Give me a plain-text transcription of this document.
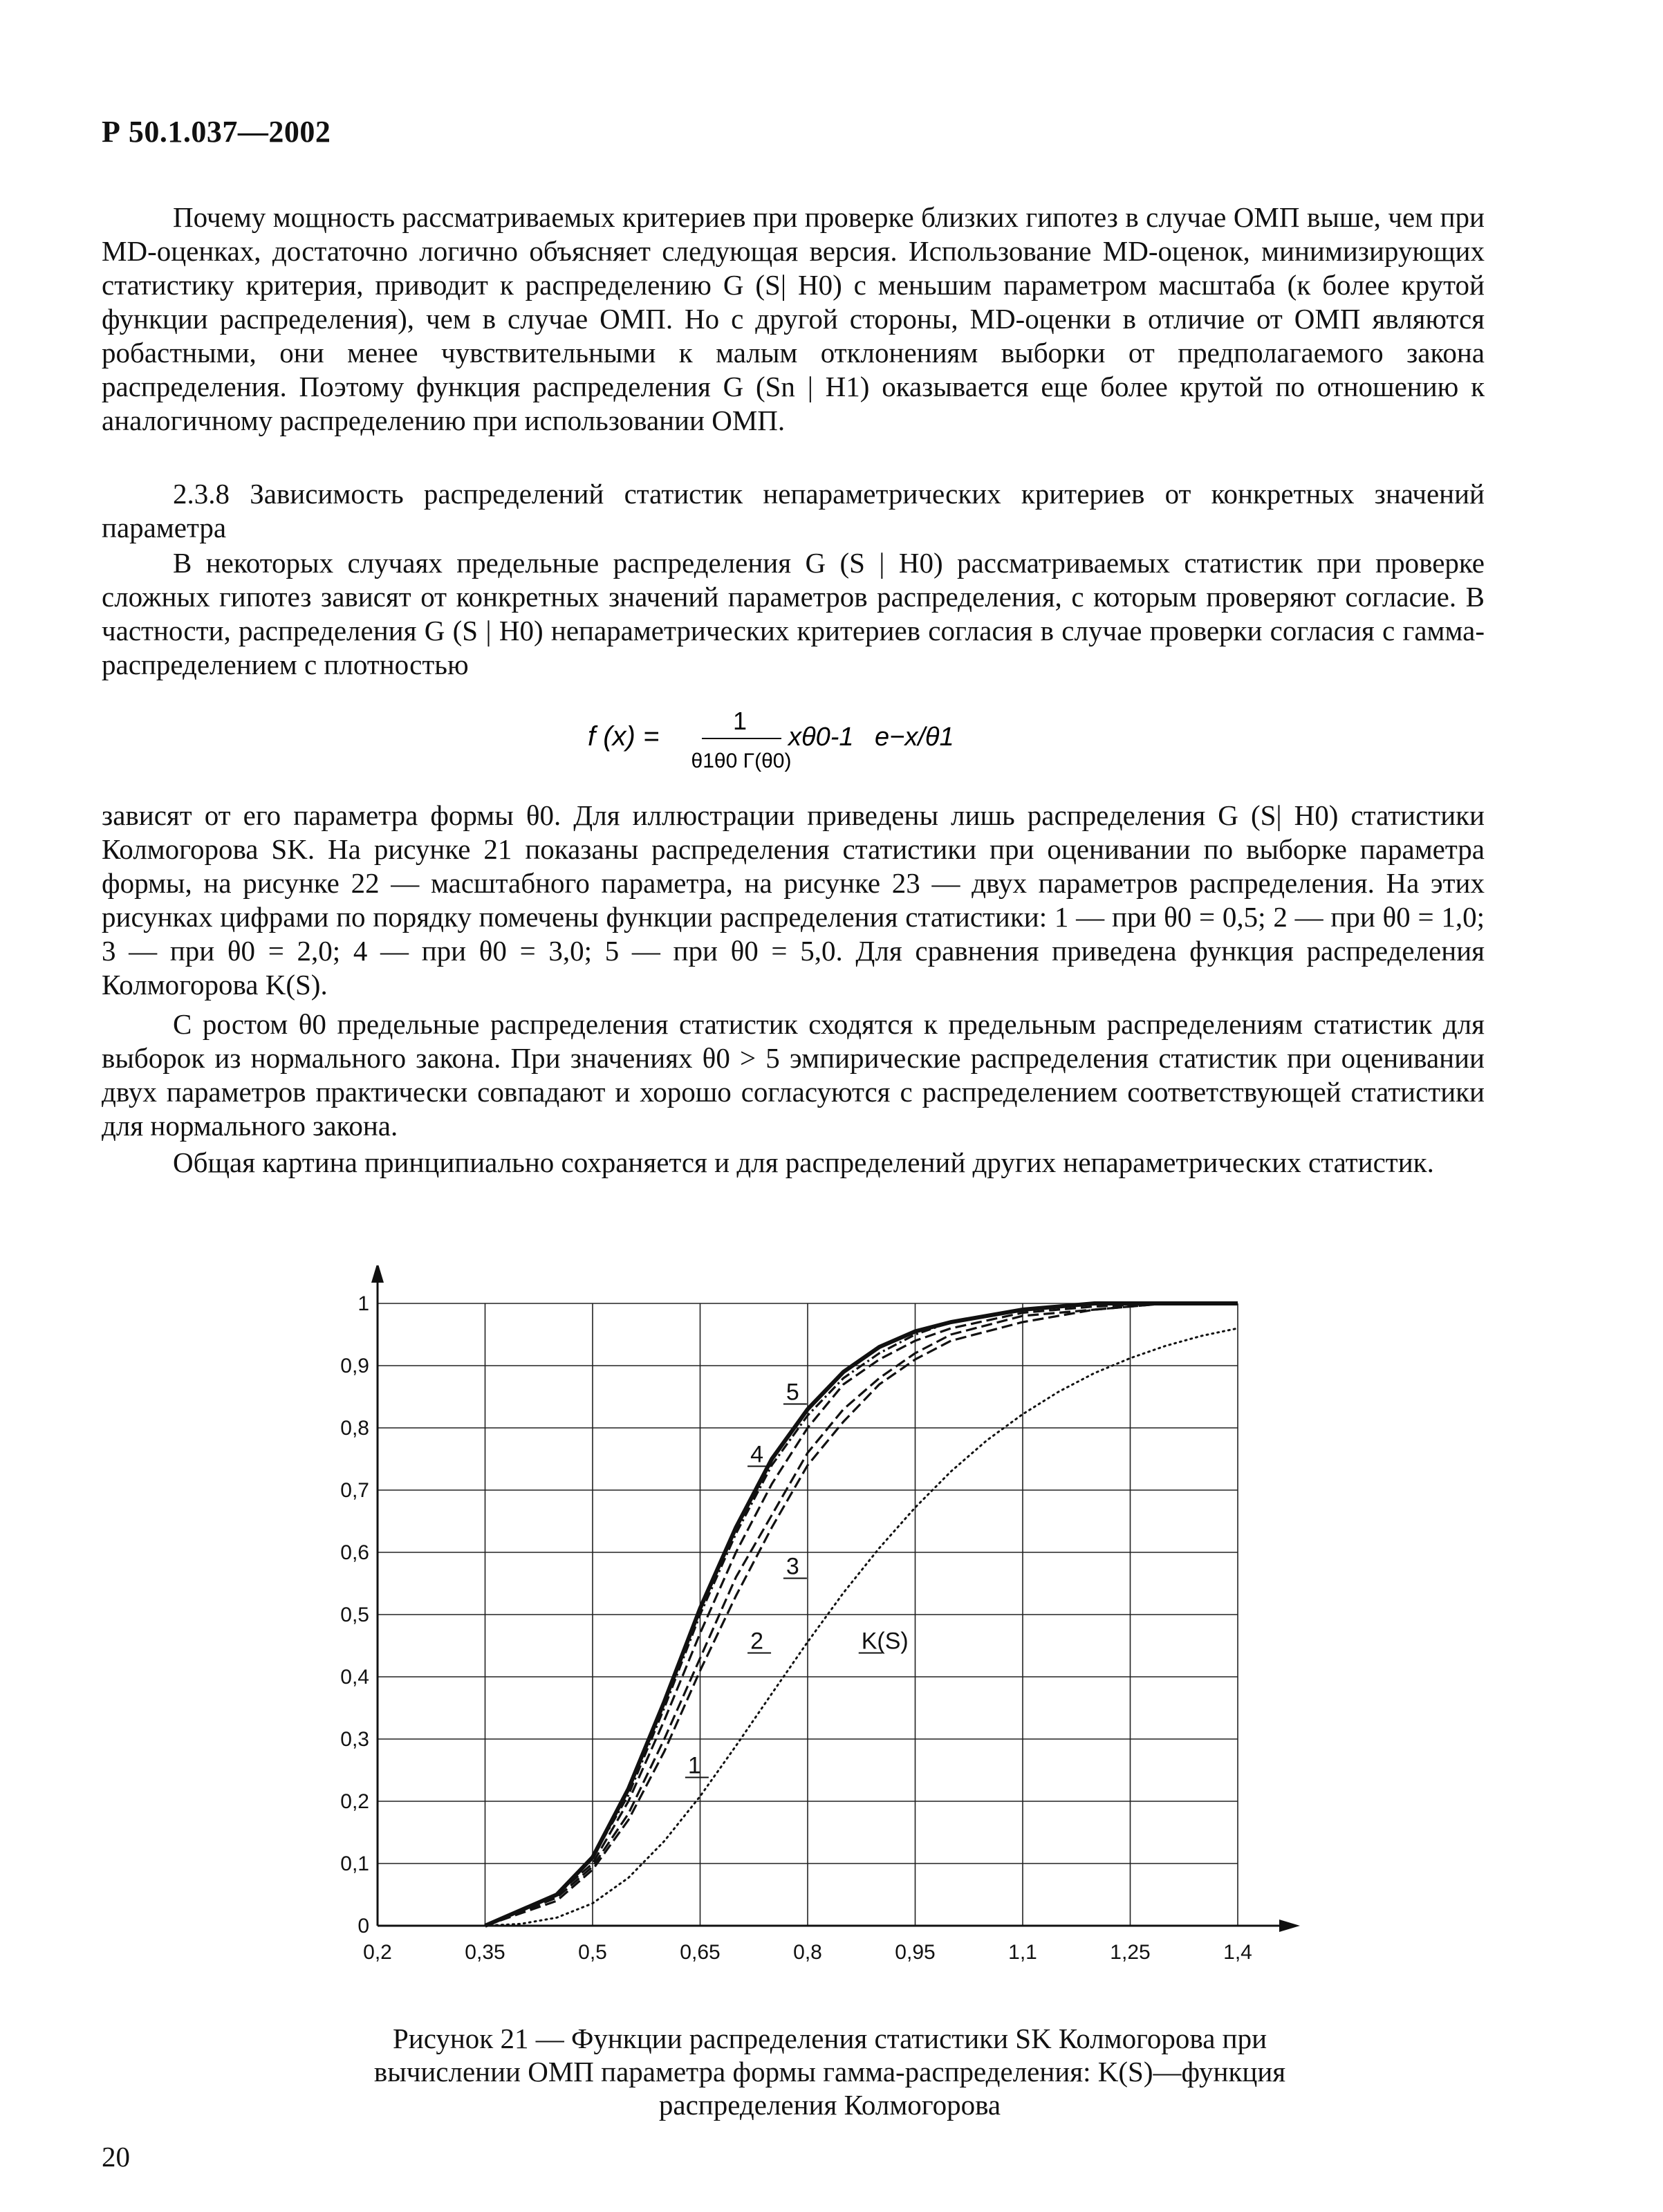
Р 50.1.037—2002

Почему мощность рассматриваемых критериев при проверке близких гипотез в случае ОМП выше, чем при MD-оценках, достаточно логично объясняет следующая версия. Использование MD-оценок, минимизирующих статистику критерия, приводит к распределению G (S| H0) с меньшим параметром масштаба (к более крутой функции распределения), чем в случае ОМП. Но с другой стороны, MD-оценки в отличие от ОМП являются робастными, они менее чувствительными к малым отклонениям выборки от предполагаемого закона распределения. Поэтому функция распределения G (Sn | H1) оказывается еще более крутой по отношению к аналогичному распределению при использовании ОМП.

2.3.8 Зависимость распределений статистик непараметрических критериев от конкретных значений параметра

В некоторых случаях предельные распределения G (S | H0) рассматриваемых статистик при проверке сложных гипотез зависят от конкретных значений параметров распределения, с которым проверяют согласие. В частности, распределения G (S | H0) непараметрических критериев согласия в случае проверки согласия с гамма-распределением с плотностью

f (x) =
1
θ1θ0 Γ(θ0)
xθ0-1 e−x/θ1

зависят от его параметра формы θ0. Для иллюстрации приведены лишь распределения G (S| H0) статистики Колмогорова SK. На рисунке 21 показаны распределения статистики при оценивании по выборке параметра формы, на рисунке 22 — масштабного параметра, на рисунке 23 — двух параметров распределения. На этих рисунках цифрами по порядку помечены функции распределения статистики: 1 — при θ0 = 0,5; 2 — при θ0 = 1,0; 3 — при θ0 = 2,0; 4 — при θ0 = 3,0; 5 — при θ0 = 5,0. Для сравнения приведена функция распределения Колмогорова K(S).

С ростом θ0 предельные распределения статистик сходятся к предельным распределениям статистик для выборок из нормального закона. При значениях θ0 > 5 эмпирические распределения статистик при оценивании двух параметров практически совпадают и хорошо согласуются с распределением соответствующей статистики для нормального закона.

Общая картина принципиально сохраняется и для распределений других непараметрических статистик.

0,2	0,35	0,5	0,65	0,8	0,95	1,1	1,25	1,4
0
0,1
0,2
0,3
0,4
0,5
0,6
0,7
0,8
0,9
1
1
2
3
4
5
K(S)
Рисунок 21 — Функции распределения статистики SK Колмогорова при вычислении ОМП параметра формы гамма-распределения: K(S)—функция распределения Колмогорова
20
